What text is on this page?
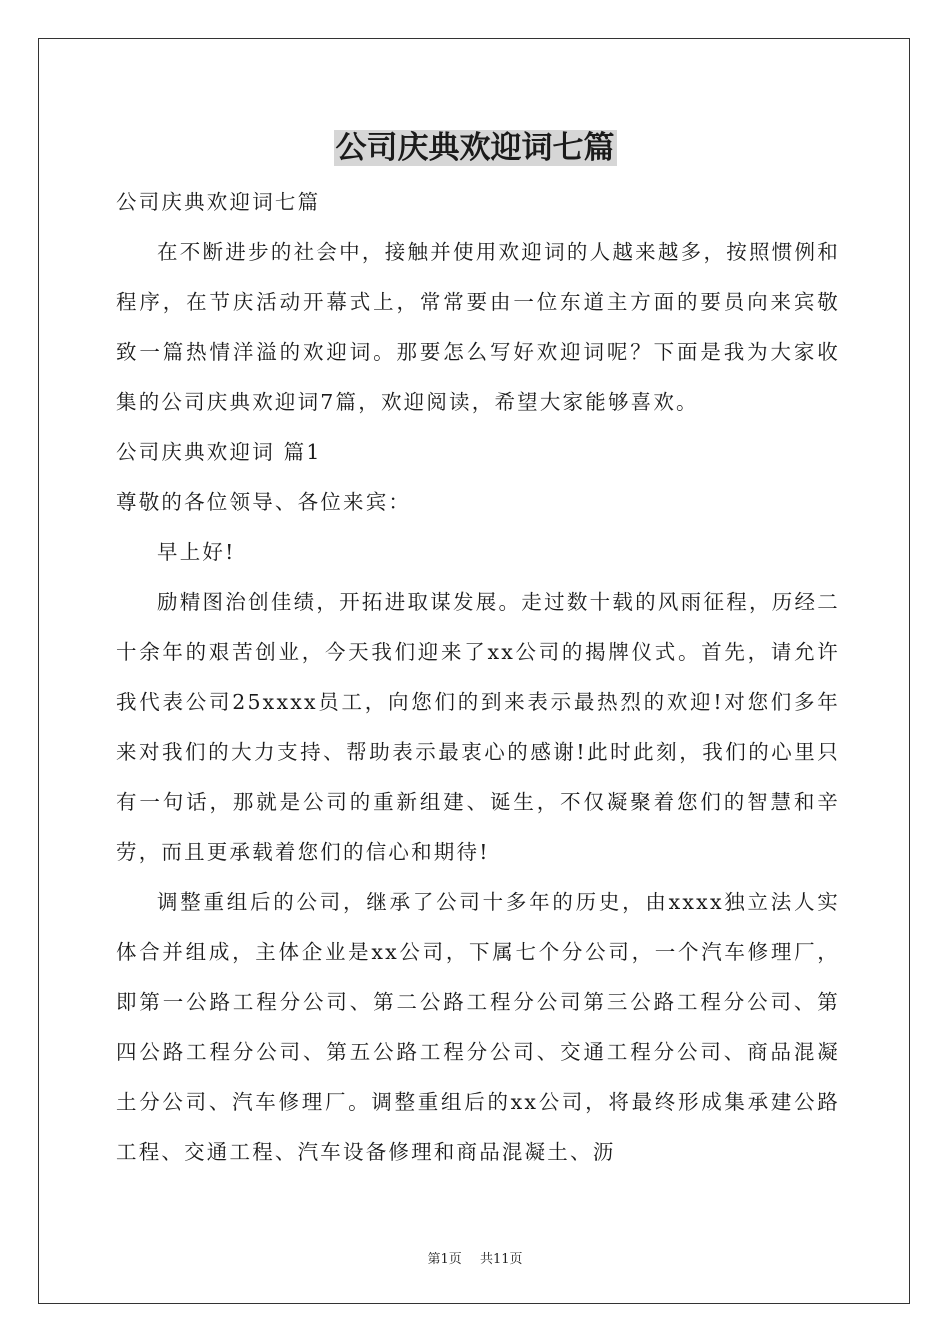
公司庆典欢迎词七篇

公司庆典欢迎词七篇

在不断进步的社会中，接触并使用欢迎词的人越来越多，按照惯例和程序，在节庆活动开幕式上，常常要由一位东道主方面的要员向来宾敬致一篇热情洋溢的欢迎词。那要怎么写好欢迎词呢？下面是我为大家收集的公司庆典欢迎词7篇，欢迎阅读，希望大家能够喜欢。

公司庆典欢迎词 篇1

尊敬的各位领导、各位来宾：

早上好!

励精图治创佳绩，开拓进取谋发展。走过数十载的风雨征程，历经二十余年的艰苦创业，今天我们迎来了xx公司的揭牌仪式。首先，请允许我代表公司25xxxx员工，向您们的到来表示最热烈的欢迎!对您们多年来对我们的大力支持、帮助表示最衷心的感谢!此时此刻，我们的心里只有一句话，那就是公司的重新组建、诞生，不仅凝聚着您们的智慧和辛劳，而且更承载着您们的信心和期待!

调整重组后的公司，继承了公司十多年的历史，由xxxx独立法人实体合并组成，主体企业是xx公司，下属七个分公司，一个汽车修理厂，即第一公路工程分公司、第二公路工程分公司第三公路工程分公司、第四公路工程分公司、第五公路工程分公司、交通工程分公司、商品混凝土分公司、汽车修理厂。调整重组后的xx公司，将最终形成集承建公路工程、交通工程、汽车设备修理和商品混凝土、沥

第1页 共11页
